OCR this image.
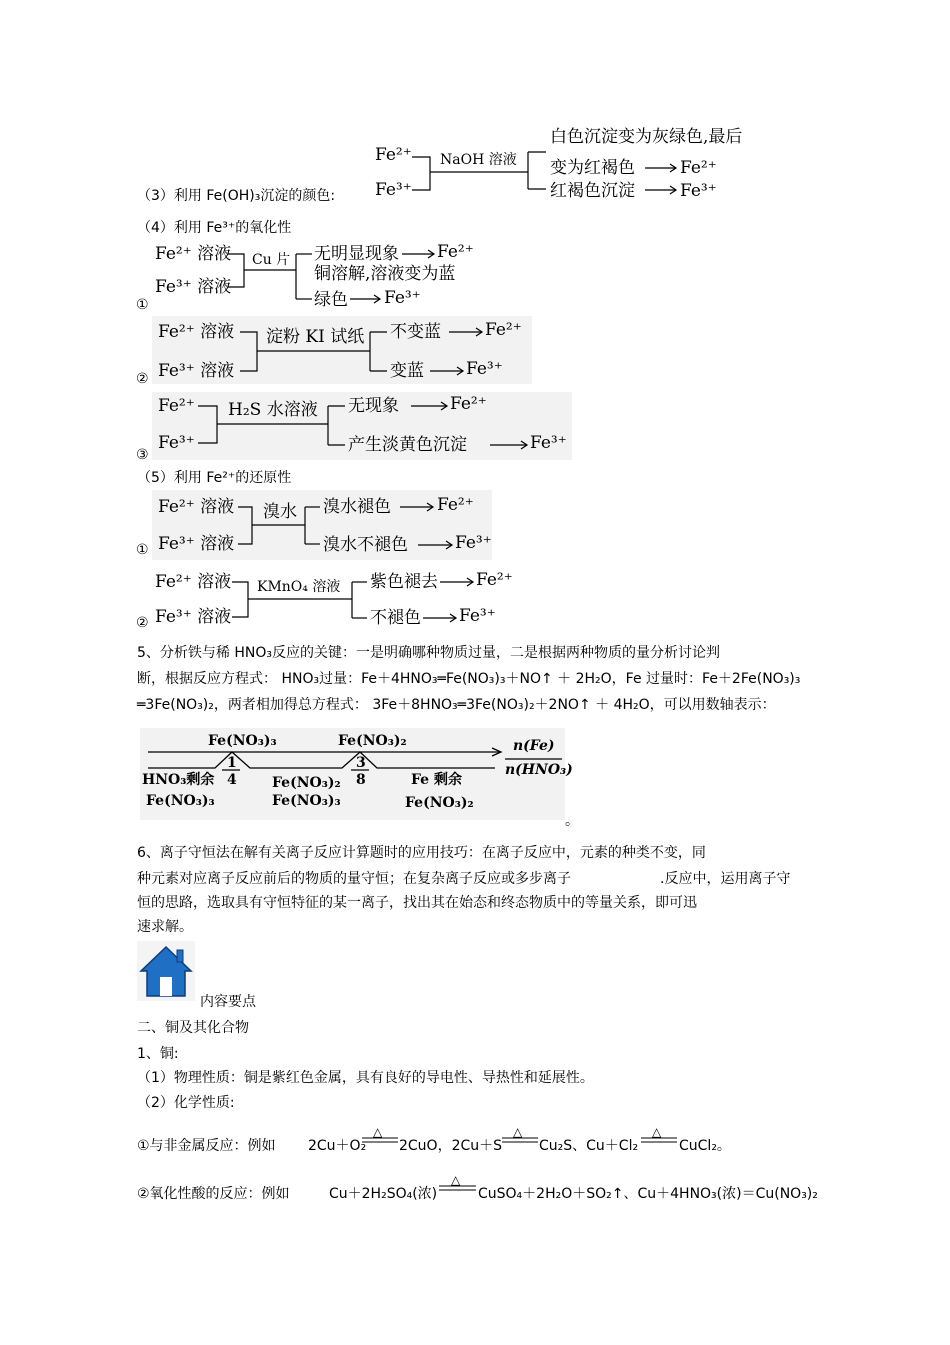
Fe²⁺
Fe³⁺
NaOH 溶液
白色沉淀变为灰绿色,最后
变为红褐色	Fe²⁺
红褐色沉淀	Fe³⁺
（3）利用 Fe(OH)₃沉淀的颜色:
（4）利用 Fe³⁺的氧化性
Fe²⁺ 溶液
Fe³⁺ 溶液
Cu 片 无明显现象 Fe²⁺
铜溶解,溶液变为蓝
绿色 Fe³⁺
①
Fe²⁺ 溶液
Fe³⁺ 溶液
淀粉 KI 试纸 不变蓝	Fe²⁺
变蓝 Fe³⁺
②
Fe²⁺
Fe³⁺
H₂S 水溶液 无现象	Fe²⁺
产生淡黄色沉淀	Fe³⁺
③
（5）利用 Fe²⁺的还原性
Fe²⁺ 溶液
Fe³⁺ 溶液
溴水 溴水褪色	Fe²⁺
溴水不褪色	Fe³⁺
①
Fe²⁺ 溶液
Fe³⁺ 溶液
KMnO₄ 溶液 紫色褪去 Fe²⁺
不褪色 Fe³⁺
②
5、分析铁与稀 HNO₃反应的关键：一是明确哪种物质过量，二是根据两种物质的量分析讨论判
断，根据反应方程式： HNO₃过量：Fe＋4HNO₃═Fe(NO₃)₃＋NO↑ ＋ 2H₂O，Fe 过量时：Fe＋2Fe(NO₃)₃
═3Fe(NO₃)₂，两者相加得总方程式： 3Fe＋8HNO₃═3Fe(NO₃)₂＋2NO↑ ＋ 4H₂O，可以用数轴表示：
Fe(NO₃)₃	Fe(NO₃)₂
1
4
3
8
HNO₃剩余
Fe(NO₃)₃
Fe(NO₃)₂
Fe(NO₃)₃
Fe 剩余
Fe(NO₃)₂
n(Fe)
n(HNO₃)
。
6、离子守恒法在解有关离子反应计算题时的应用技巧：在离子反应中，元素的种类不变，同
种元素对应离子反应前后的物质的量守恒；在复杂离子反应或多步离子	.反应中，运用离子守
恒的思路，选取具有守恒特征的某一离子，找出其在始态和终态物质中的等量关系，即可迅
速求解。
内容要点
二、铜及其化合物
1、铜:
（1）物理性质：铜是紫红色金属，具有良好的导电性、导热性和延展性。
（2）化学性质:
①与非金属反应：例如 2Cu＋O₂ 2CuO，2Cu＋S	Cu₂S、Cu＋Cl₂	CuCl₂。
△	△	△
②氧化性酸的反应：例如	Cu＋2H₂SO₄(浓)	CuSO₄＋2H₂O＋SO₂↑、Cu＋4HNO₃(浓)＝Cu(NO₃)₂
△
